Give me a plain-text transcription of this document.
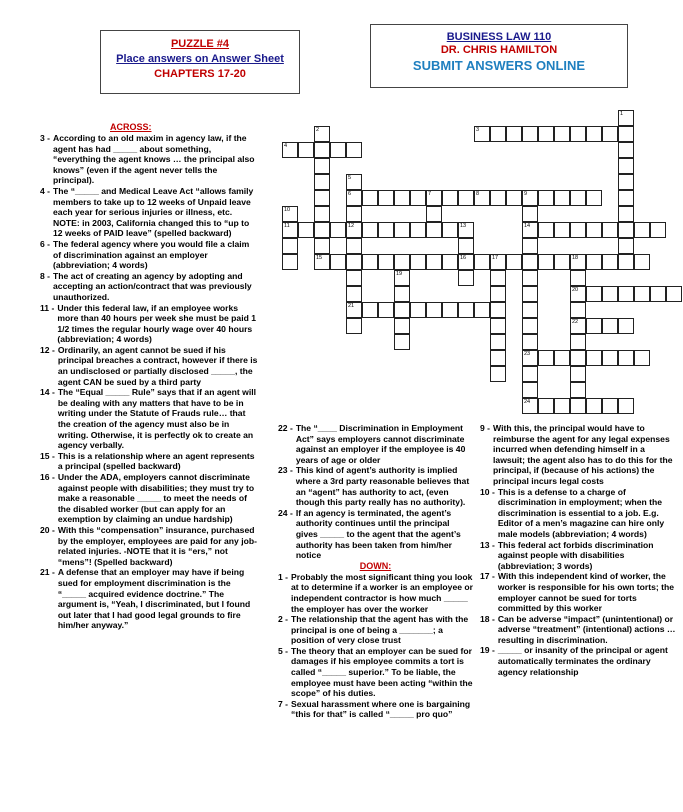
PUZZLE #4
Place answers on Answer Sheet
CHAPTERS 17-20
BUSINESS LAW 110
DR. CHRIS HAMILTON
SUBMIT ANSWERS ONLINE
1
2	3
4
5
6	7	8	9
10
11	12	13	14
15	16	17	18
19
20
21
22
23
24
ACROSS:
3 - According to an old maxim in agency law, if the agent has had _____ about something, “everything the agent knows … the principal also knows” (even if the agent never tells the principal).
4 - The “_____ and Medical Leave Act “allows family members to take up to 12 weeks of Unpaid leave each year for serious injuries or illness, etc. NOTE: in 2003, California changed this to “up to 12 weeks of PAID leave” (spelled backward)
6 - The federal agency where you would file a claim of discrimination against an employer (abbreviation; 4 words)
8 - The act of creating an agency by adopting and accepting an action/contract that was previously unauthorized.
11 - Under this federal law, if an employee works more than 40 hours per week she must be paid 1 1/2 times the regular hourly wage over 40 hours (abbreviation; 4 words)
12 - Ordinarily, an agent cannot be sued if his principal breaches a contract, however if there is an undisclosed or partially disclosed _____, the agent CAN be sued by a third party
14 - The “Equal _____ Rule” says that if an agent will be dealing with any matters that have to be in writing under the Statute of Frauds rule… that the creation of the agency must also be in writing. Otherwise, it is perfectly ok to create an agency verbally.
15 - This is a relationship where an agent represents a principal (spelled backward)
16 - Under the ADA, employers cannot discriminate against people with disabilities; they must try to make a reasonable _____ to meet the needs of the disabled worker (but can apply for an exemption by claiming an undue hardship)
20 - With this “compensation” insurance, purchased by the employer, employees are paid for any job-related injuries. -NOTE that it is “ers,” not “mens”! (Spelled backward)
21 - A defense that an employer may have if being sued for employment discrimination is the “_____ acquired evidence doctrine.” The argument is, “Yeah, I discriminated, but I found out later that I had good legal grounds to fire him/her anyway.”
22 - The “____ Discrimination in Employment Act” says employers cannot discriminate against an employer if the employee is 40 years of age or older
23 - This kind of agent’s authority is implied where a 3rd party reasonable believes that an “agent” has authority to act, (even though this party really has no authority).
24 - If an agency is terminated, the agent’s authority continues until the principal gives _____ to the agent that the agent’s authority has been taken from him/her notice
DOWN:
1 - Probably the most significant thing you look at to determine if a worker is an employee or independent contractor is how much _____ the employer has over the worker
2 - The relationship that the agent has with the principal is one of being a _______; a position of very close trust
5 - The theory that an employer can be sued for damages if his employee commits a tort is called “_____ superior.” To be liable, the employee must have been acting “within the scope” of his duties.
7 - Sexual harassment where one is bargaining “this for that” is called “_____ pro quo”
9 - With this, the principal would have to reimburse the agent for any legal expenses incurred when defending himself in a lawsuit; the agent also has to do this for the principal, if (because of his actions) the principal incurs legal costs
10 - This is a defense to a charge of discrimination in employment; when the discrimination is essential to a job. E.g. Editor of a men’s magazine can hire only male models (abbreviation; 4 words)
13 - This federal act forbids discrimination against people with disabilities (abbreviation; 3 words)
17 - With this independent kind of worker, the worker is responsible for his own torts; the employer cannot be sued for torts committed by this worker
18 - Can be adverse “impact” (unintentional) or adverse “treatment” (intentional) actions … resulting in discrimination.
19 - _____ or insanity of the principal or agent automatically terminates the ordinary agency relationship
